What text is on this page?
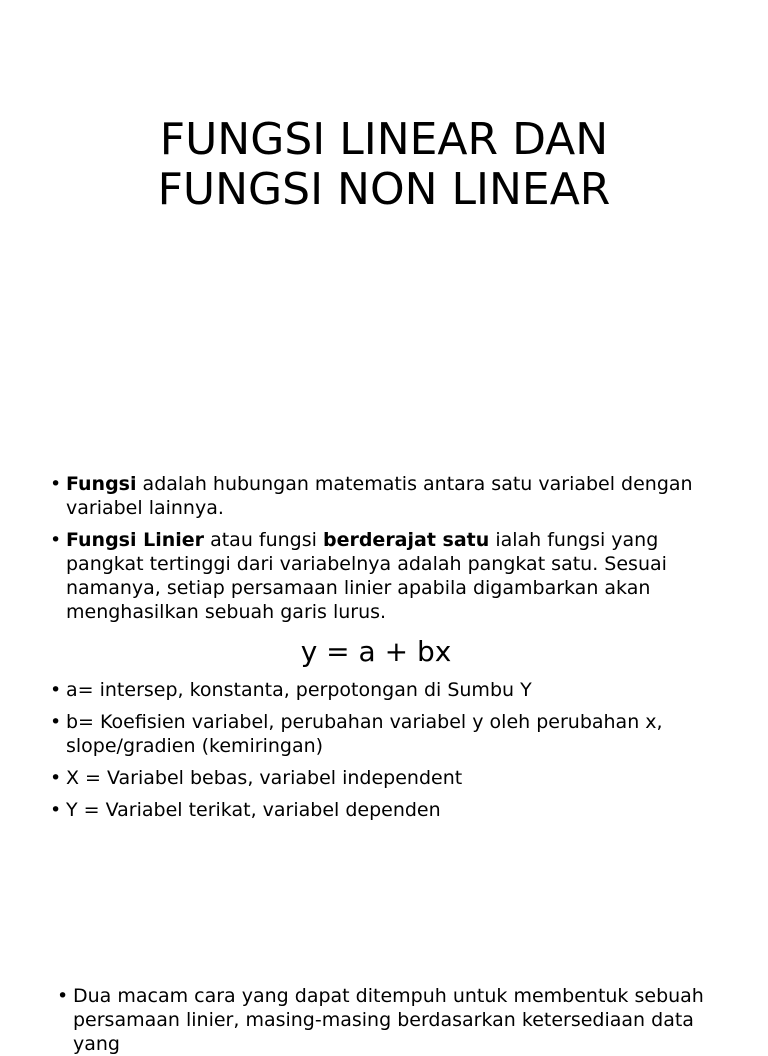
FUNGSI LINEAR DAN
FUNGSI NON LINEAR
• Fungsi adalah hubungan matematis antara satu variabel dengan variabel lainnya.
• Fungsi Linier atau fungsi berderajat satu ialah fungsi yang pangkat tertinggi dari variabelnya adalah pangkat satu. Sesuai namanya, setiap persamaan linier apabila digambarkan akan menghasilkan sebuah garis lurus.
y = a + bx
• a= intersep, konstanta, perpotongan di Sumbu Y
• b= Koefisien variabel, perubahan variabel y oleh perubahan x, slope/gradien (kemiringan)
• X = Variabel bebas, variabel independent
• Y = Variabel terikat, variabel dependen
• Dua macam cara yang dapat ditempuh untuk membentuk sebuah persamaan linier, masing-masing berdasarkan ketersediaan data yang
